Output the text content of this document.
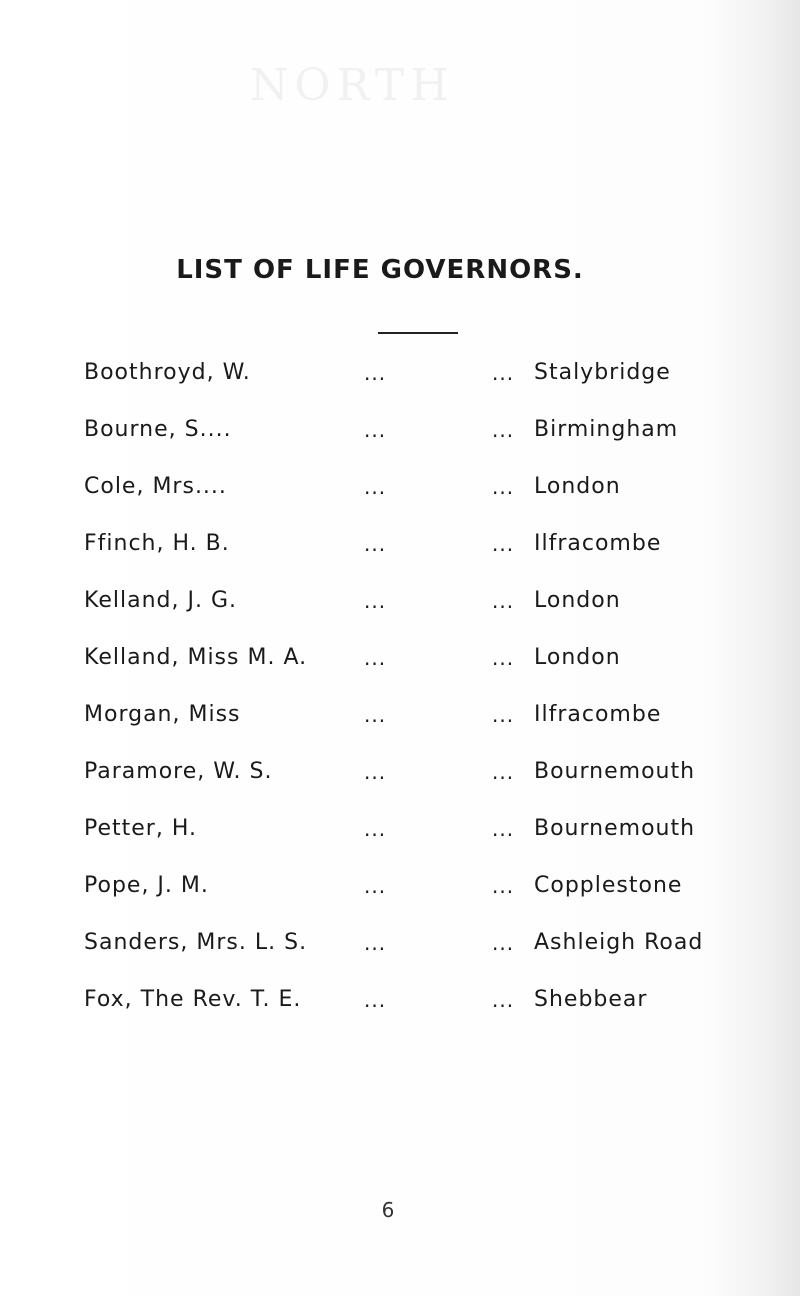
NORTH
LIST OF LIFE GOVERNORS.
Boothroyd, W.	...	... Stalybridge
Bourne, S....	...	... Birmingham
Cole, Mrs....	...	... London
Ffinch, H. B.	...	... Ilfracombe
Kelland, J. G.	...	... London
Kelland, Miss M. A.	...	... London
Morgan, Miss	...	... Ilfracombe
Paramore, W. S.	...	... Bournemouth
Petter, H.	...	... Bournemouth
Pope, J. M.	...	... Copplestone
Sanders, Mrs. L. S.	...	... Ashleigh Road
Fox, The Rev. T. E.	...	... Shebbear
6
